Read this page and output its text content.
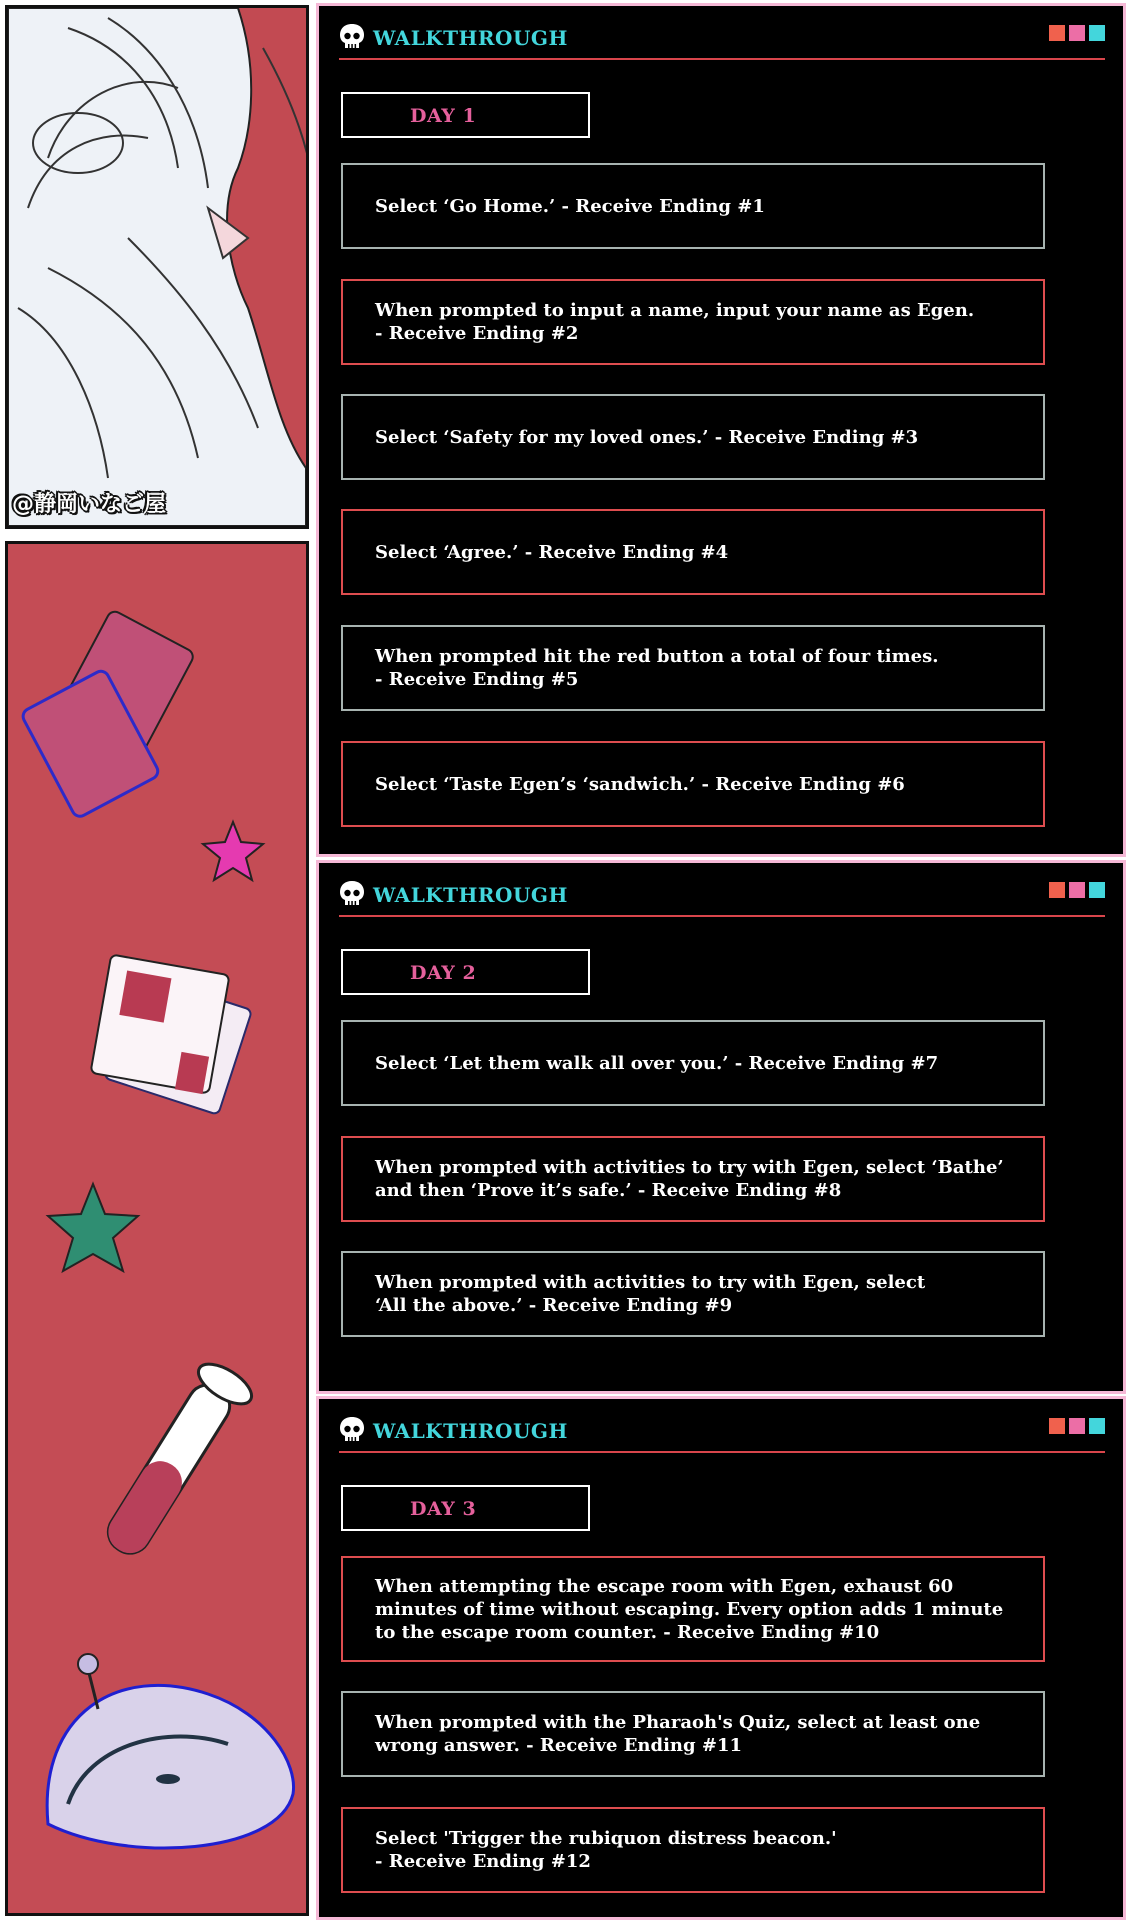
@静岡いなご屋
WALKTHROUGH
DAY 1
Select ‘Go Home.’ - Receive Ending #1
When prompted to input a name, input your name as Egen.
- Receive Ending #2
Select ‘Safety for my loved ones.’ - Receive Ending #3
Select ‘Agree.’ - Receive Ending #4
When prompted hit the red button a total of four times.
- Receive Ending #5
Select ‘Taste Egen’s ‘sandwich.’ - Receive Ending #6
WALKTHROUGH
DAY 2
Select ‘Let them walk all over you.’ - Receive Ending #7
When prompted with activities to try with Egen, select ‘Bathe’
and then ‘Prove it’s safe.’ - Receive Ending #8
When prompted with activities to try with Egen, select
‘All the above.’ - Receive Ending #9
WALKTHROUGH
DAY 3
When attempting the escape room with Egen, exhaust 60
minutes of time without escaping. Every option adds 1 minute
to the escape room counter. - Receive Ending #10
When prompted with the Pharaoh's Quiz, select at least one
wrong answer. - Receive Ending #11
Select 'Trigger the rubiquon distress beacon.'
- Receive Ending #12
